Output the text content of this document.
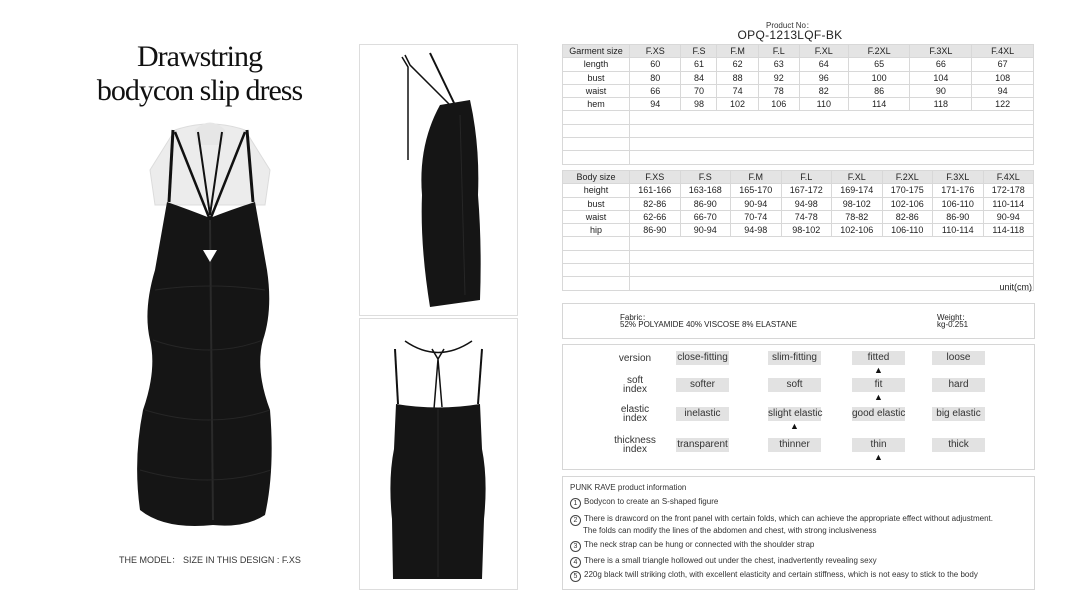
Drawstring
bodycon slip dress
THE MODEL： SIZE IN THIS DESIGN : F.XS
Product No：
OPQ-1213LQF-BK
Garment size	F.XS	F.S	F.M	F.L	F.XL	F.2XL	F.3XL	F.4XL
length	60	61	62	63	64	65	66	67
bust	80	84	88	92	96	100	104	108
waist	66	70	74	78	82	86	90	94
hem	94	98	102	106	110	114	118	122

Body size	F.XS	F.S	F.M	F.L	F.XL	F.2XL	F.3XL	F.4XL
height	161-166	163-168	165-170	167-172	169-174	170-175	171-176	172-178
bust	82-86	86-90	90-94	94-98	98-102	102-106	106-110	110-114
waist	62-66	66-70	70-74	74-78	78-82	82-86	86-90	90-94
hip	86-90	90-94	94-98	98-102	102-106	106-110	110-114	114-118

unit(cm)
Fabric：
52% POLYAMIDE 40% VISCOSE 8% ELASTANE
Weight：
kg-0.251
PUNK RAVE product information
1 Bodycon to create an S-shaped figure
2 There is drawcord on the front panel with certain folds, which can achieve the appropriate effect without adjustment.
The folds can modify the lines of the abdomen and chest, with strong inclusiveness
3 The neck strap can be hung or connected with the shoulder strap
4 There is a small triangle hollowed out under the chest, inadvertently revealing sexy
5 220g black twill striking cloth, with excellent elasticity and certain stiffness, which is not easy to stick to the body
version	close-fitting	slim-fitting	fitted	loose
▲
soft
index	softer	soft	fit	hard
▲
elastic
index	inelastic	slight elastic	good elastic	big elastic
▲
thickness
index	transparent	thinner	thin	thick
▲
